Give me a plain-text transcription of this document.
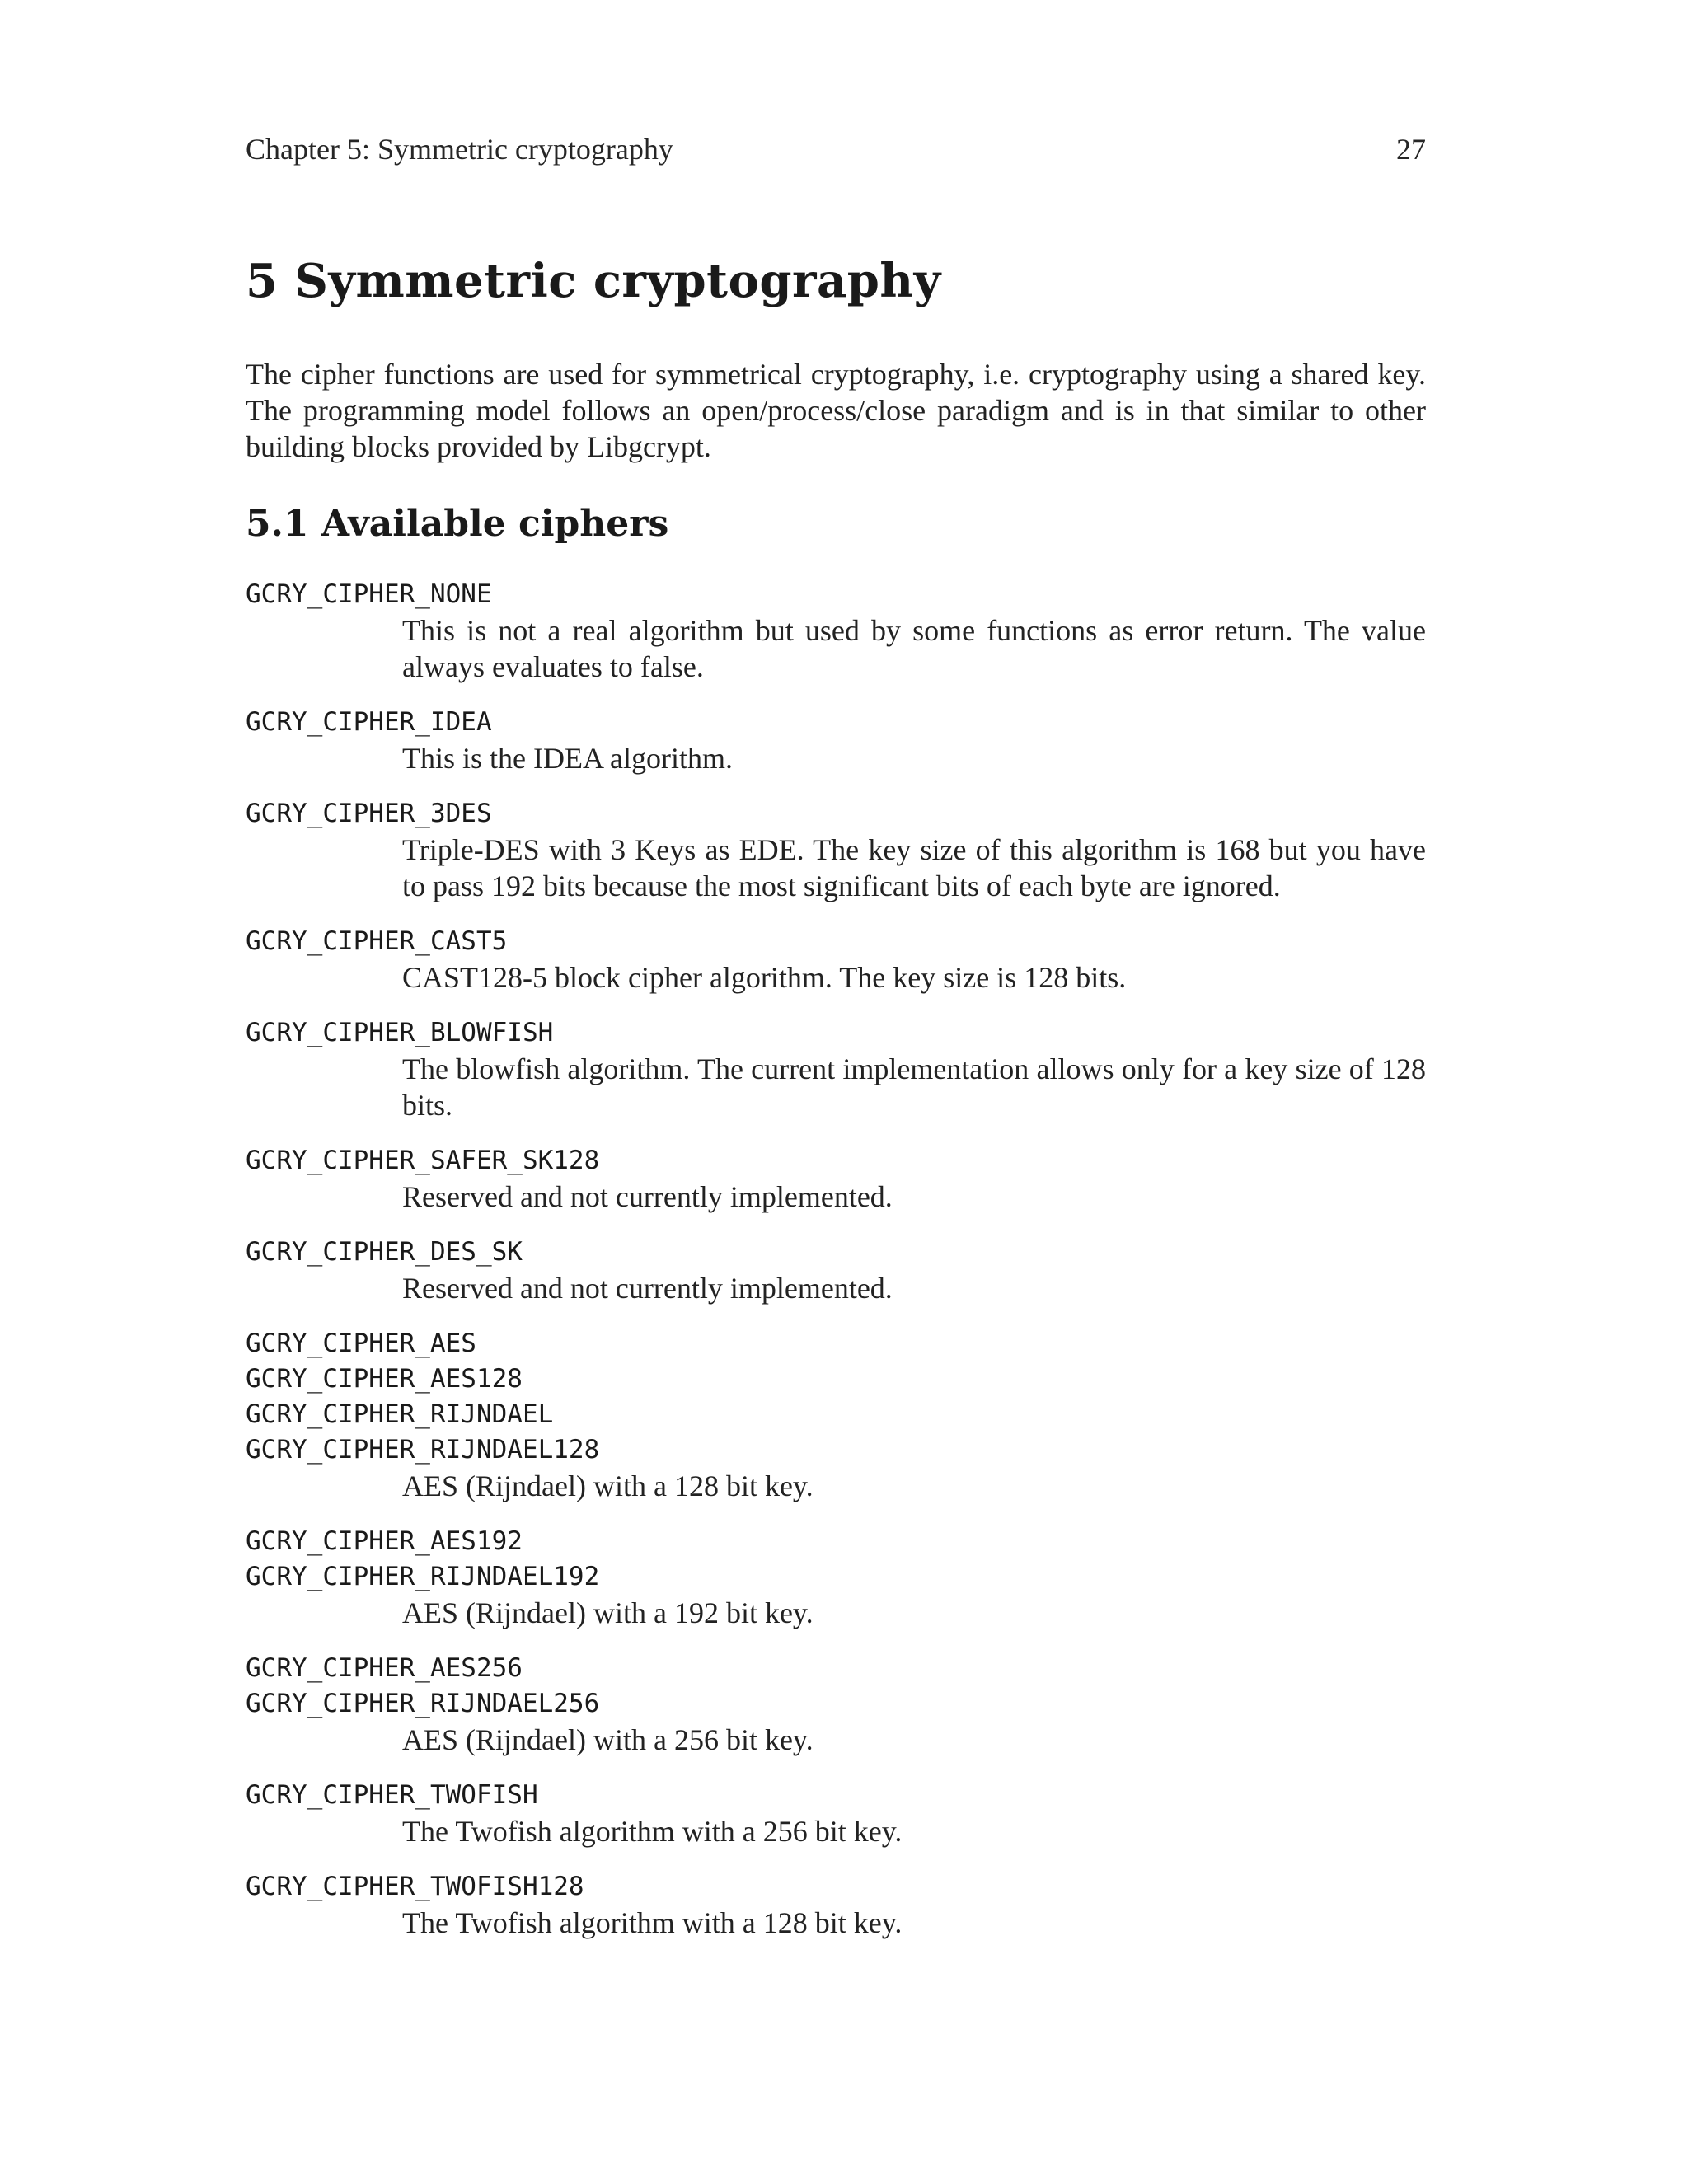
Chapter 5: Symmetric cryptography	27
5 Symmetric cryptography

The cipher functions are used for symmetrical cryptography, i.e. cryptography using a shared key. The programming model follows an open/process/close paradigm and is in that similar to other building blocks provided by Libgcrypt.

5.1 Available ciphers
GCRY_CIPHER_NONE
This is not a real algorithm but used by some functions as error return. The value always evaluates to false.
GCRY_CIPHER_IDEA
This is the IDEA algorithm.
GCRY_CIPHER_3DES
Triple-DES with 3 Keys as EDE. The key size of this algorithm is 168 but you have to pass 192 bits because the most significant bits of each byte are ignored.
GCRY_CIPHER_CAST5
CAST128-5 block cipher algorithm. The key size is 128 bits.
GCRY_CIPHER_BLOWFISH
The blowfish algorithm. The current implementation allows only for a key size of 128 bits.
GCRY_CIPHER_SAFER_SK128
Reserved and not currently implemented.
GCRY_CIPHER_DES_SK
Reserved and not currently implemented.
GCRY_CIPHER_AES
GCRY_CIPHER_AES128
GCRY_CIPHER_RIJNDAEL
GCRY_CIPHER_RIJNDAEL128
AES (Rijndael) with a 128 bit key.
GCRY_CIPHER_AES192
GCRY_CIPHER_RIJNDAEL192
AES (Rijndael) with a 192 bit key.
GCRY_CIPHER_AES256
GCRY_CIPHER_RIJNDAEL256
AES (Rijndael) with a 256 bit key.
GCRY_CIPHER_TWOFISH
The Twofish algorithm with a 256 bit key.
GCRY_CIPHER_TWOFISH128
The Twofish algorithm with a 128 bit key.
